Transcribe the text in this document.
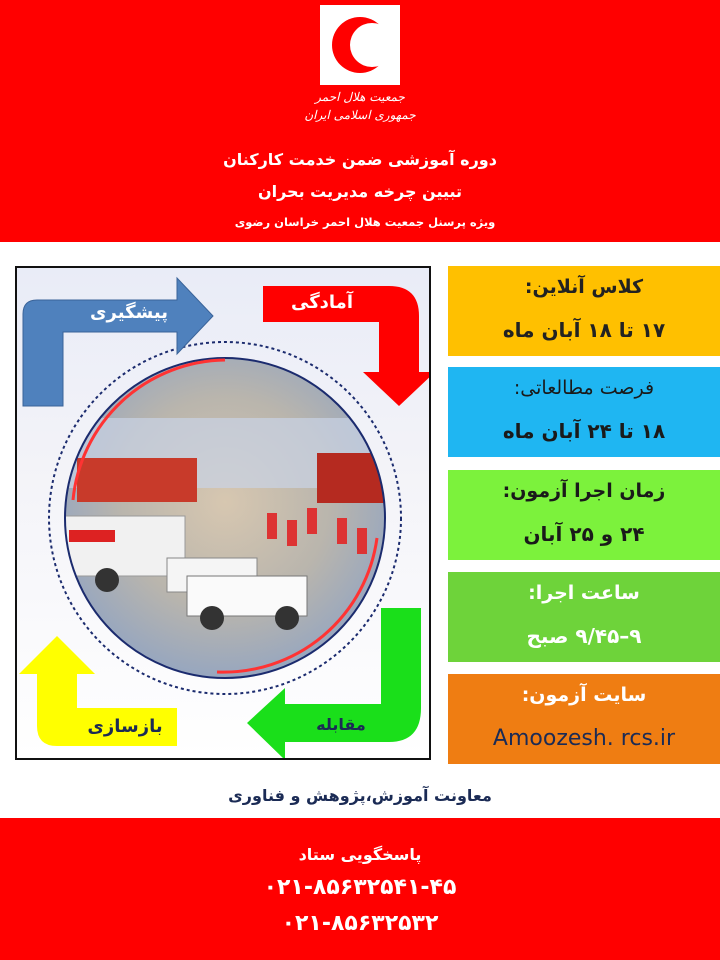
جمعیت هلال احمر
جمهوری اسلامی ایران
دوره آموزشی ضمن خدمت کارکنان
تبیین چرخه مدیریت بحران
ویژه پرسنل جمعیت هلال احمر خراسان رضوی
پیشگیری	آمادگی
مقابله
بازسازی
کلاس آنلاین:
۱۷ تا ۱۸ آبان ماه
فرصت مطالعاتی:
۱۸ تا ۲۴ آبان ماه
زمان اجرا آزمون:
۲۴ و ۲۵ آبان
ساعت اجرا:
۹–۹/۴۵ صبح
سایت آزمون:
Amoozesh. rcs.ir
معاونت آموزش،پژوهش و فناوری
پاسخگویی ستاد
۰۲۱-۸۵۶۳۲۵۴۱-۴۵
۰۲۱-۸۵۶۳۲۵۳۲
